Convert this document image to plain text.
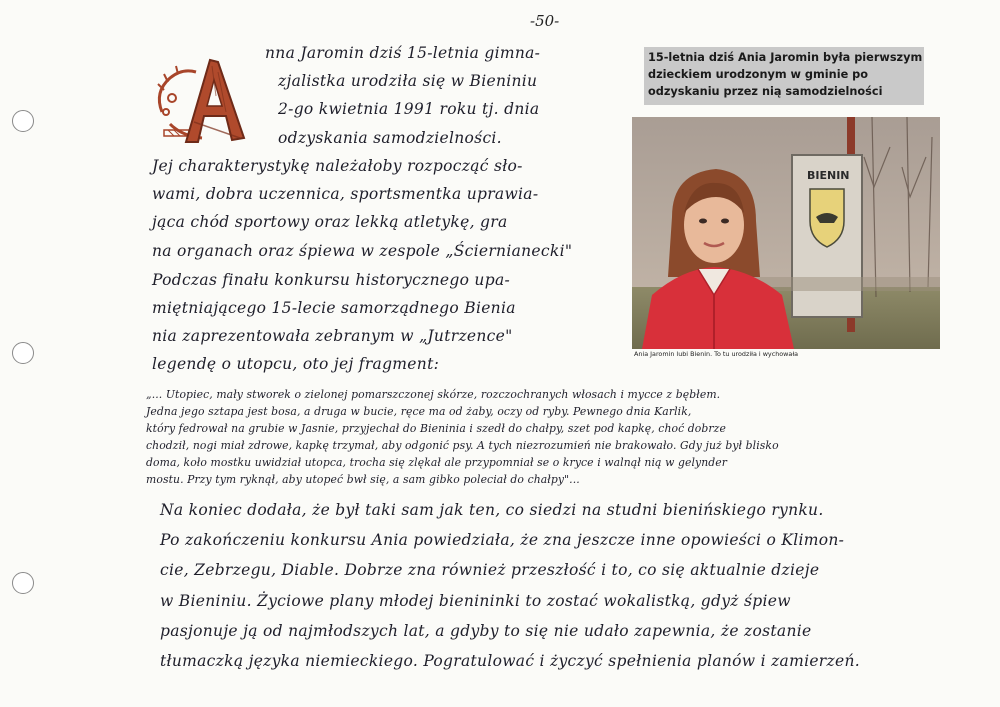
-50-
nna Jaromin dziś 15-letnia gimna-
zjalistka urodziła się w Bieniniu
2-go kwietnia 1991 roku tj. dnia
odzyskania samodzielności.
Jej charakterystykę należałoby rozpocząć sło-
wami, dobra uczennica, sportsmentka uprawia-
jąca chód sportowy oraz lekką atletykę, gra
na organach oraz śpiewa w zespole „Ściernianecki"
Podczas finału konkursu historycznego upa-
miętniającego 15-lecie samorządnego Bienia
nia zaprezentowała zebranym w „Jutrzence"
legendę o utopcu, oto jej fragment:
15-letnia dziś Ania Jaromin była pierwszym dzieckiem urodzonym w gminie po odzyskaniu przez nią samodzielności
BIENIN
Ania Jaromin lubi Bienin. To tu urodziła i wychowała
„... Utopiec, mały stworek o zielonej pomarszczonej skórze, rozczochranych włosach i mycce z bębłem.
Jedna jego sztapa jest bosa, a druga w bucie, ręce ma od żaby, oczy od ryby. Pewnego dnia Karlik,
który fedrował na grubie w Jasnie, przyjechał do Bieninia i szedł do chałpy, szet pod kapkę, choć dobrze
chodził, nogi miał zdrowe, kapkę trzymał, aby odgonić psy. A tych niezrozumień nie brakowało. Gdy już był blisko
doma, koło mostku uwidział utopca, trocha się zlękał ale przypomniał se o kryce i walnął nią w gelynder
mostu. Przy tym ryknął, aby utopeć bwł się, a sam gibko poleciał do chałpy"...
Na koniec dodała, że był taki sam jak ten, co siedzi na studni bienińskiego rynku.
Po zakończeniu konkursu Ania powiedziała, że zna jeszcze inne opowieści o Klimon-
cie, Zebrzegu, Diable. Dobrze zna również przeszłość i to, co się aktualnie dzieje
w Bieniniu. Życiowe plany młodej bienininki to zostać wokalistką, gdyż śpiew
pasjonuje ją od najmłodszych lat, a gdyby to się nie udało zapewnia, że zostanie
tłumaczką języka niemieckiego. Pogratulować i życzyć spełnienia planów i zamierzeń.
